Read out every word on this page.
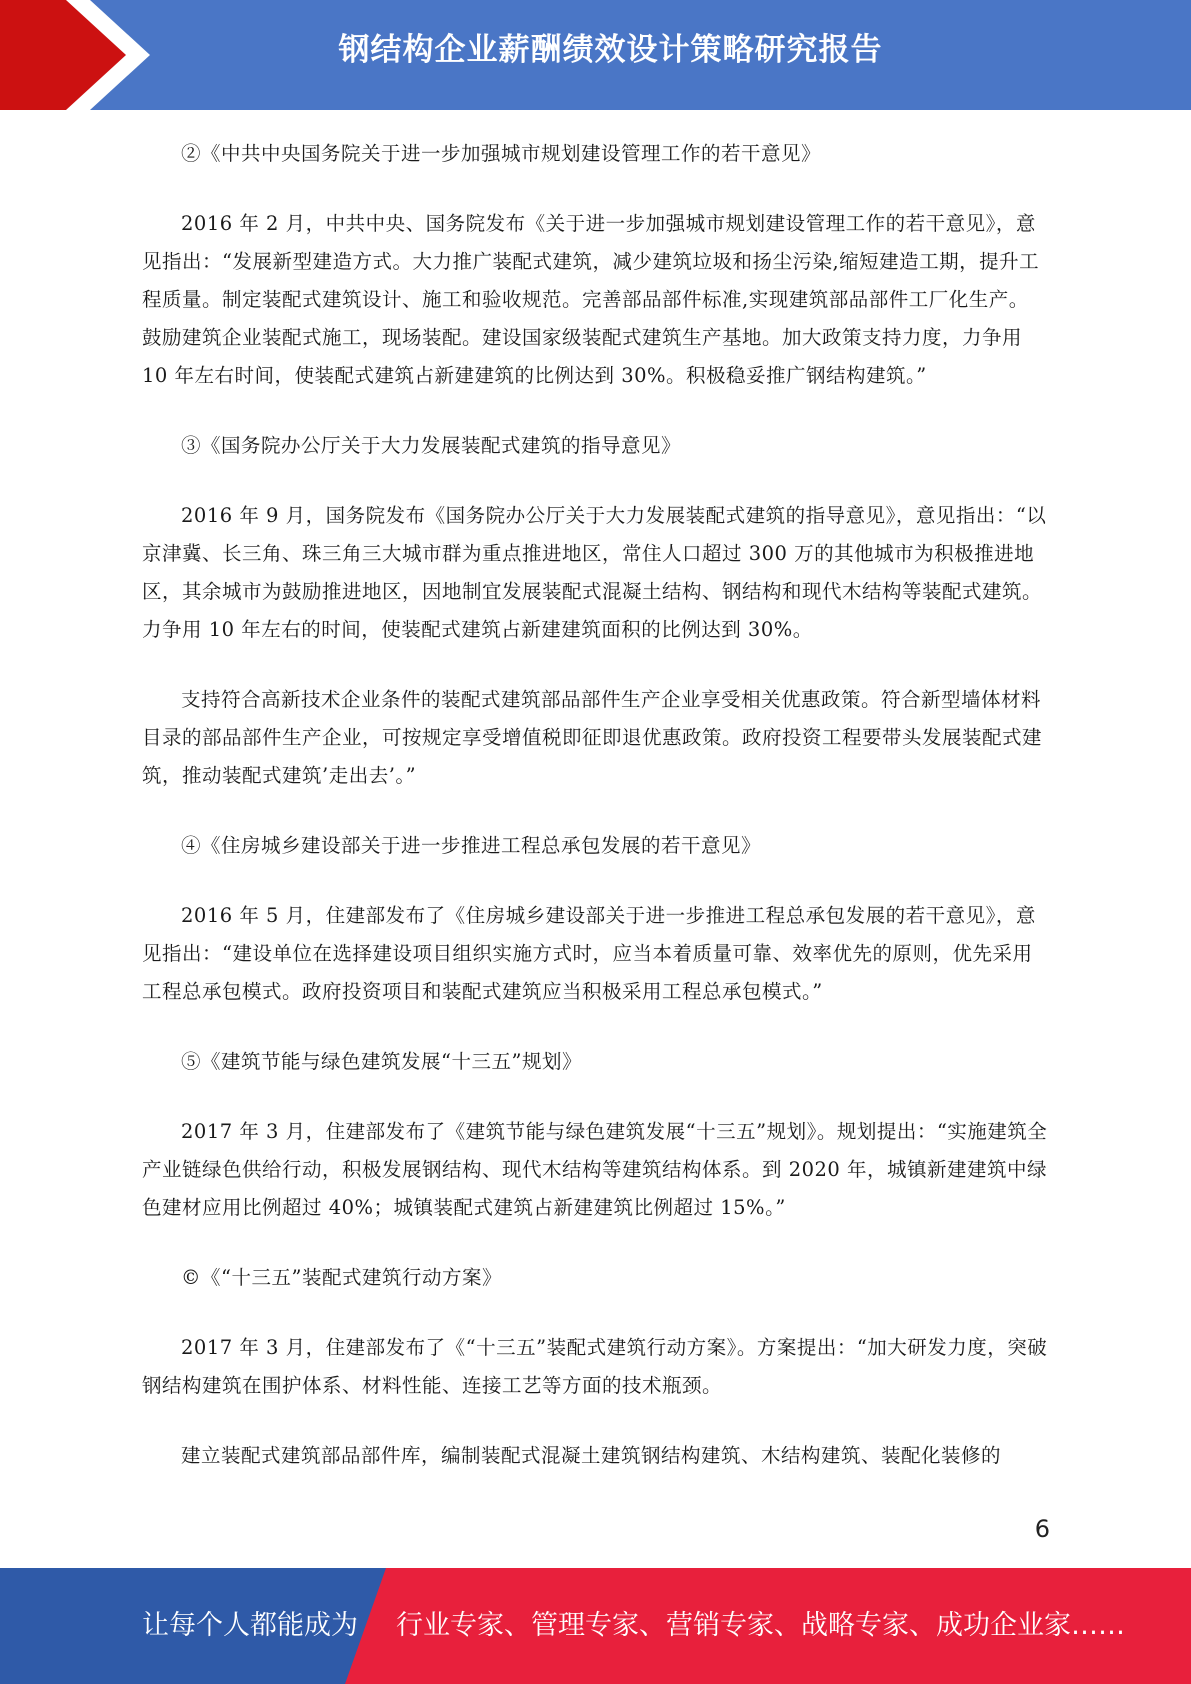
钢结构企业薪酬绩效设计策略研究报告

②《中共中央国务院关于进一步加强城市规划建设管理工作的若干意见》

2016 年 2 月，中共中央、国务院发布《关于进一步加强城市规划建设管理工作的若干意见》，意见指出：“发展新型建造方式。大力推广装配式建筑，减少建筑垃圾和扬尘污染,缩短建造工期，提升工程质量。制定装配式建筑设计、施工和验收规范。完善部品部件标准,实现建筑部品部件工厂化生产。鼓励建筑企业装配式施工，现场装配。建设国家级装配式建筑生产基地。加大政策支持力度，力争用 10 年左右时间，使装配式建筑占新建建筑的比例达到 30%。积极稳妥推广钢结构建筑。”

③《国务院办公厅关于大力发展装配式建筑的指导意见》

2016 年 9 月，国务院发布《国务院办公厅关于大力发展装配式建筑的指导意见》，意见指出：“以京津冀、长三角、珠三角三大城市群为重点推进地区，常住人口超过 300 万的其他城市为积极推进地区，其余城市为鼓励推进地区，因地制宜发展装配式混凝土结构、钢结构和现代木结构等装配式建筑。力争用 10 年左右的时间，使装配式建筑占新建建筑面积的比例达到 30%。

支持符合高新技术企业条件的装配式建筑部品部件生产企业享受相关优惠政策。符合新型墙体材料目录的部品部件生产企业，可按规定享受增值税即征即退优惠政策。政府投资工程要带头发展装配式建筑，推动装配式建筑’走出去’。”

④《住房城乡建设部关于进一步推进工程总承包发展的若干意见》

2016 年 5 月，住建部发布了《住房城乡建设部关于进一步推进工程总承包发展的若干意见》，意见指出：“建设单位在选择建设项目组织实施方式时，应当本着质量可靠、效率优先的原则，优先采用工程总承包模式。政府投资项目和装配式建筑应当积极采用工程总承包模式。”

⑤《建筑节能与绿色建筑发展“十三五”规划》

2017 年 3 月，住建部发布了《建筑节能与绿色建筑发展“十三五”规划》。规划提出：“实施建筑全产业链绿色供给行动，积极发展钢结构、现代木结构等建筑结构体系。到 2020 年，城镇新建建筑中绿色建材应用比例超过 40%；城镇装配式建筑占新建建筑比例超过 15%。”

©《“十三五”装配式建筑行动方案》

2017 年 3 月，住建部发布了《“十三五”装配式建筑行动方案》。方案提出：“加大研发力度，突破钢结构建筑在围护体系、材料性能、连接工艺等方面的技术瓶颈。

建立装配式建筑部品部件库，编制装配式混凝土建筑钢结构建筑、木结构建筑、装配化装修的

6
让每个人都能成为 行业专家、管理专家、营销专家、战略专家、成功企业家……
